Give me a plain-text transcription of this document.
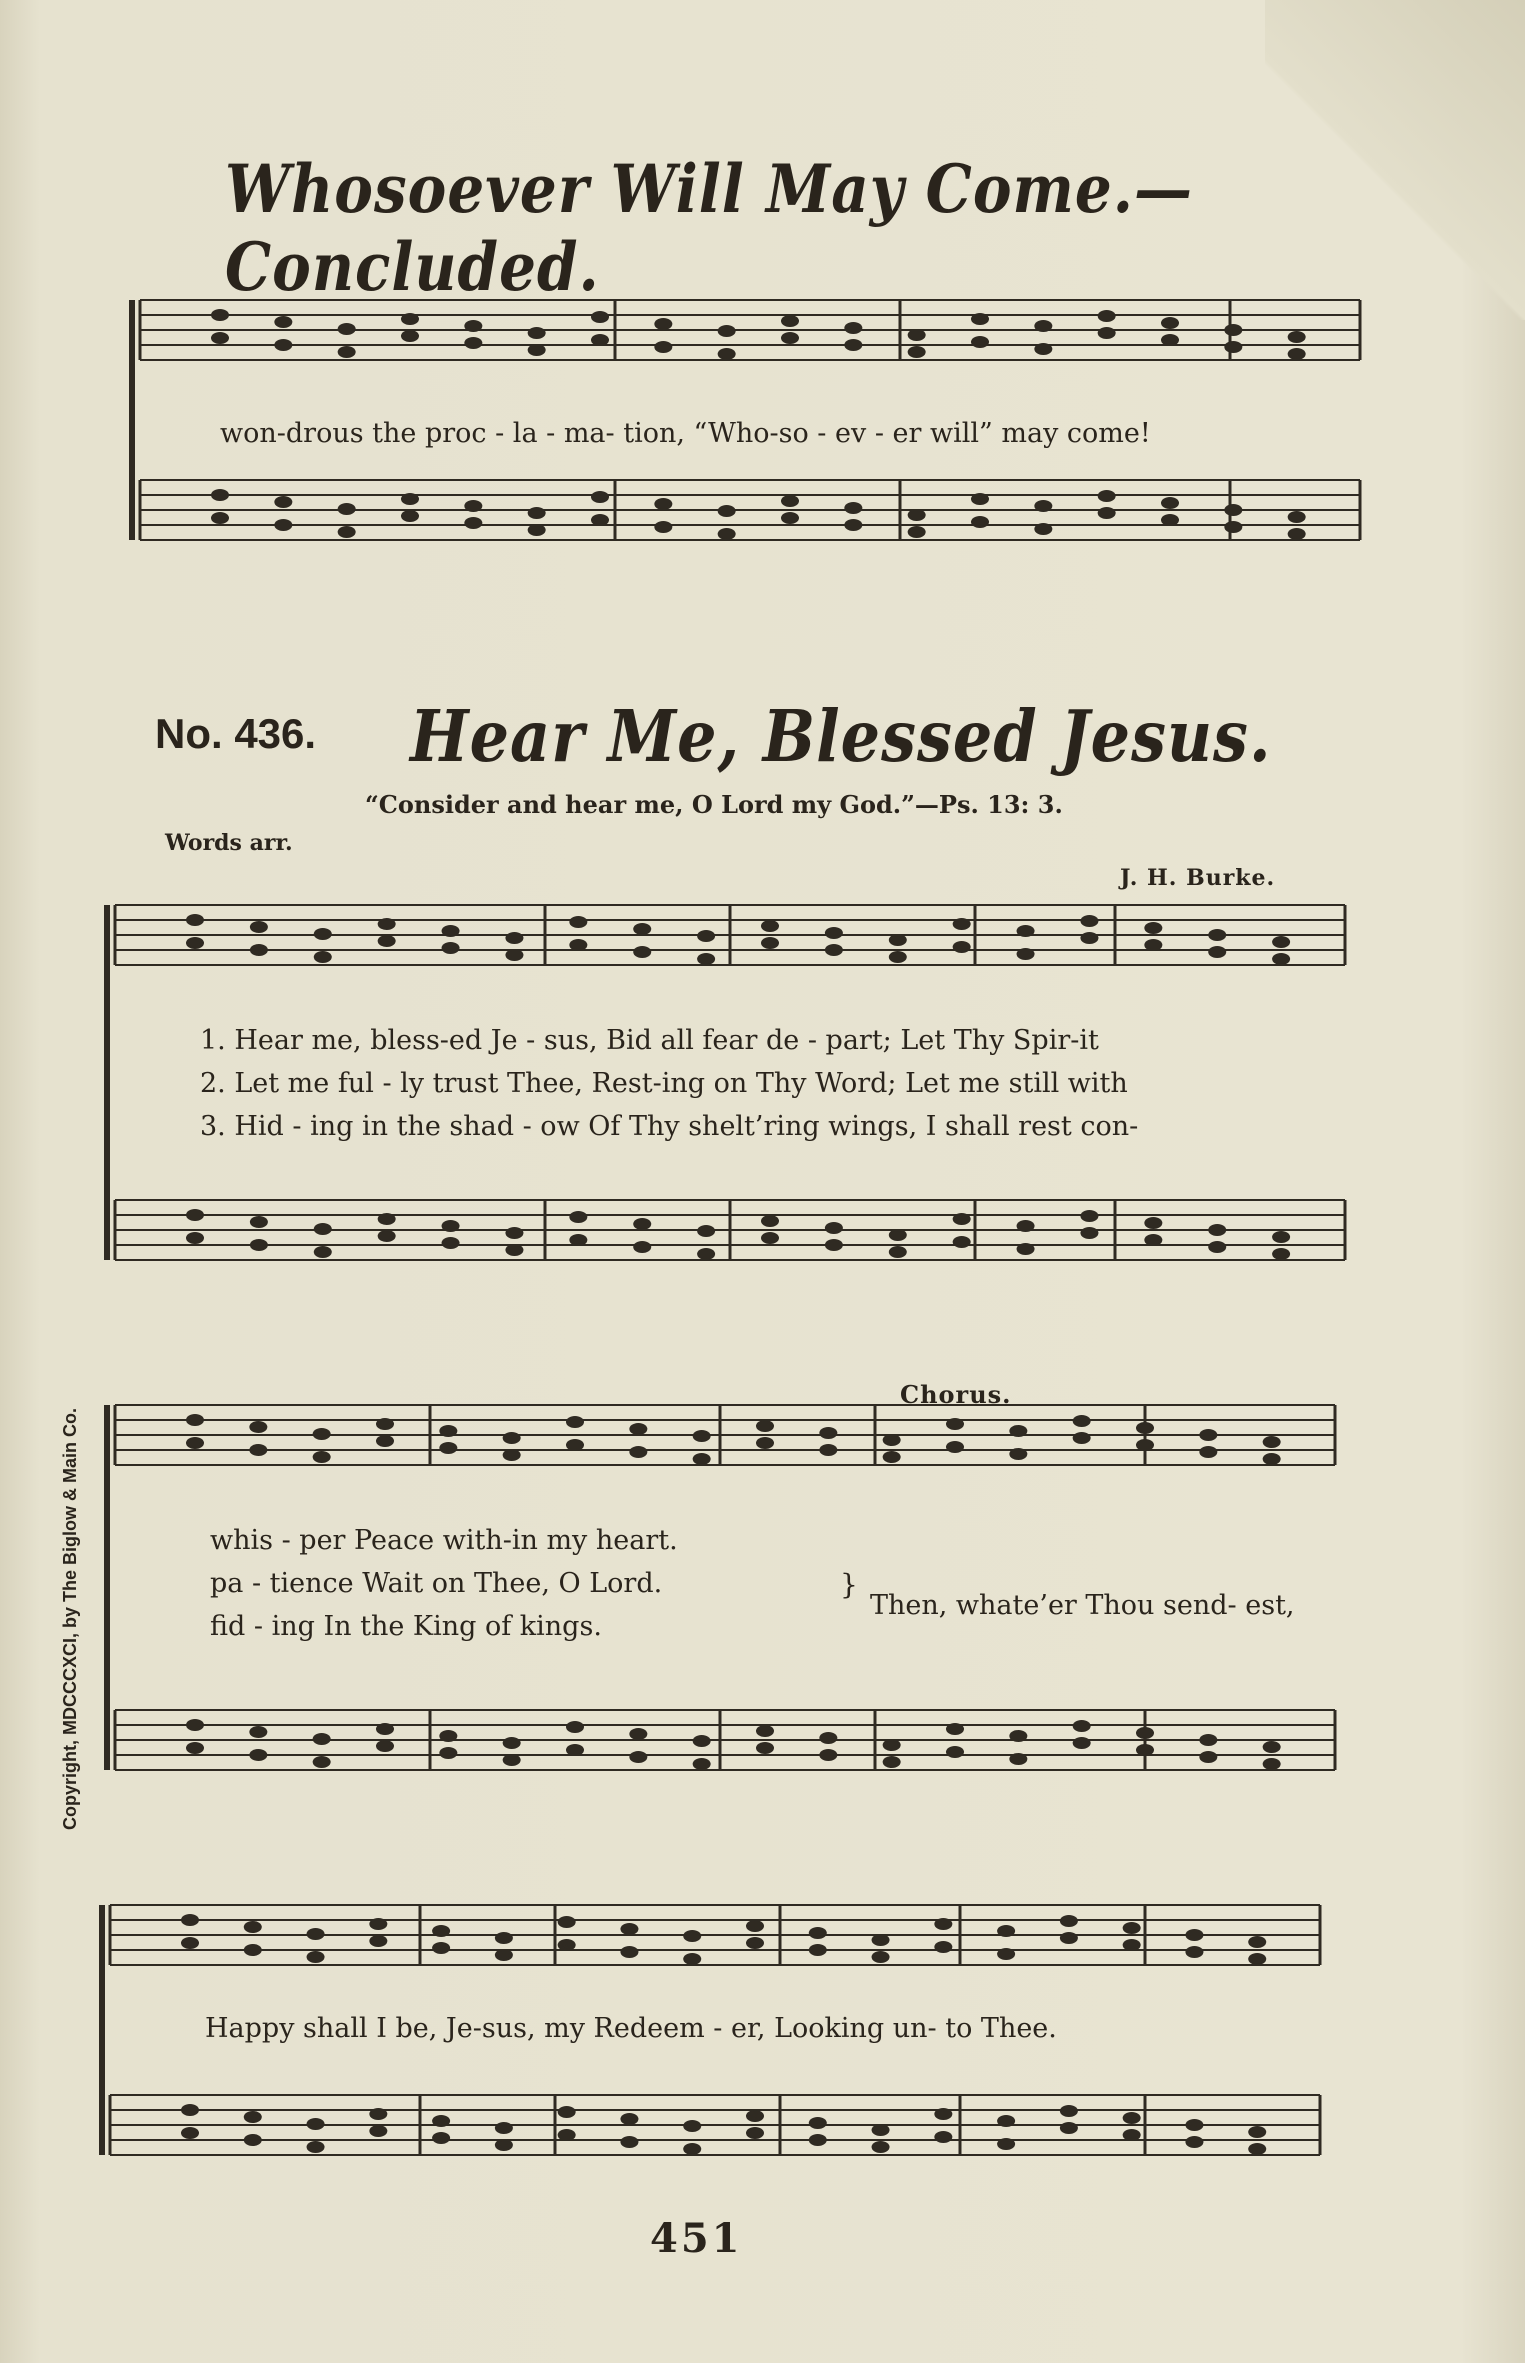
Whosoever Will May Come.—Concluded.
won-drous the proc - la - ma- tion, “Who-so - ev - er will” may come!
No. 436. Hear Me, Blessed Jesus.
“Consider and hear me, O Lord my God.”—Ps. 13: 3.
Words arr.
J. H. Burke.
1. Hear me, bless-ed Je - sus, Bid all fear de - part; Let Thy Spir-it
2. Let me ful - ly trust Thee, Rest-ing on Thy Word; Let me still with
3. Hid - ing in the shad - ow Of Thy shelt’ring wings, I shall rest con-
Chorus.
whis - per Peace with-in my heart.
pa - tience Wait on Thee, O Lord.
fid - ing In the King of kings.
}
Then, whate’er Thou send- est,
Happy shall I be, Je-sus, my Redeem - er, Looking un- to Thee.
Copyright, MDCCCXCI, by The Biglow & Main Co.
451
